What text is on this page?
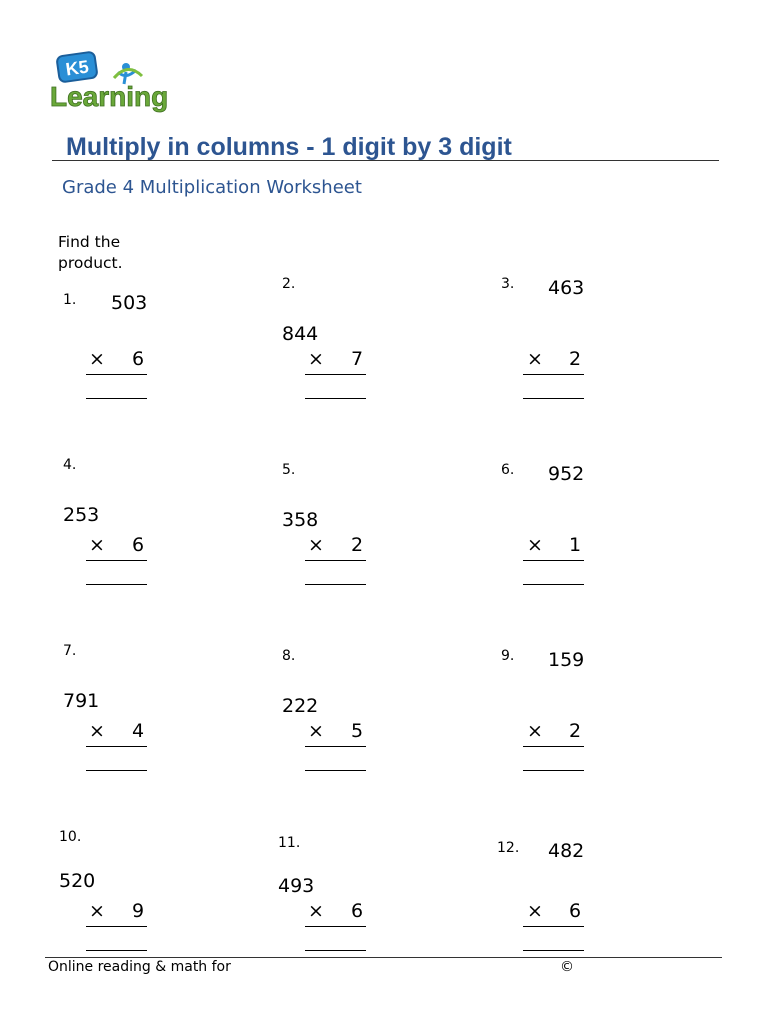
K5
Learning
Multiply in columns - 1 digit by 3 digit
Grade 4 Multiplication Worksheet
Find the product.
1. 503
× 6
2.
844
× 7
3. 463
× 2
4.
253
× 6
5.
358
× 2
6. 952
× 1
7.
791
× 4
8.
222
× 5
9. 159
× 2
10.
520
× 9
11.
493
× 6
12. 482
× 6
Online reading & math for	©
